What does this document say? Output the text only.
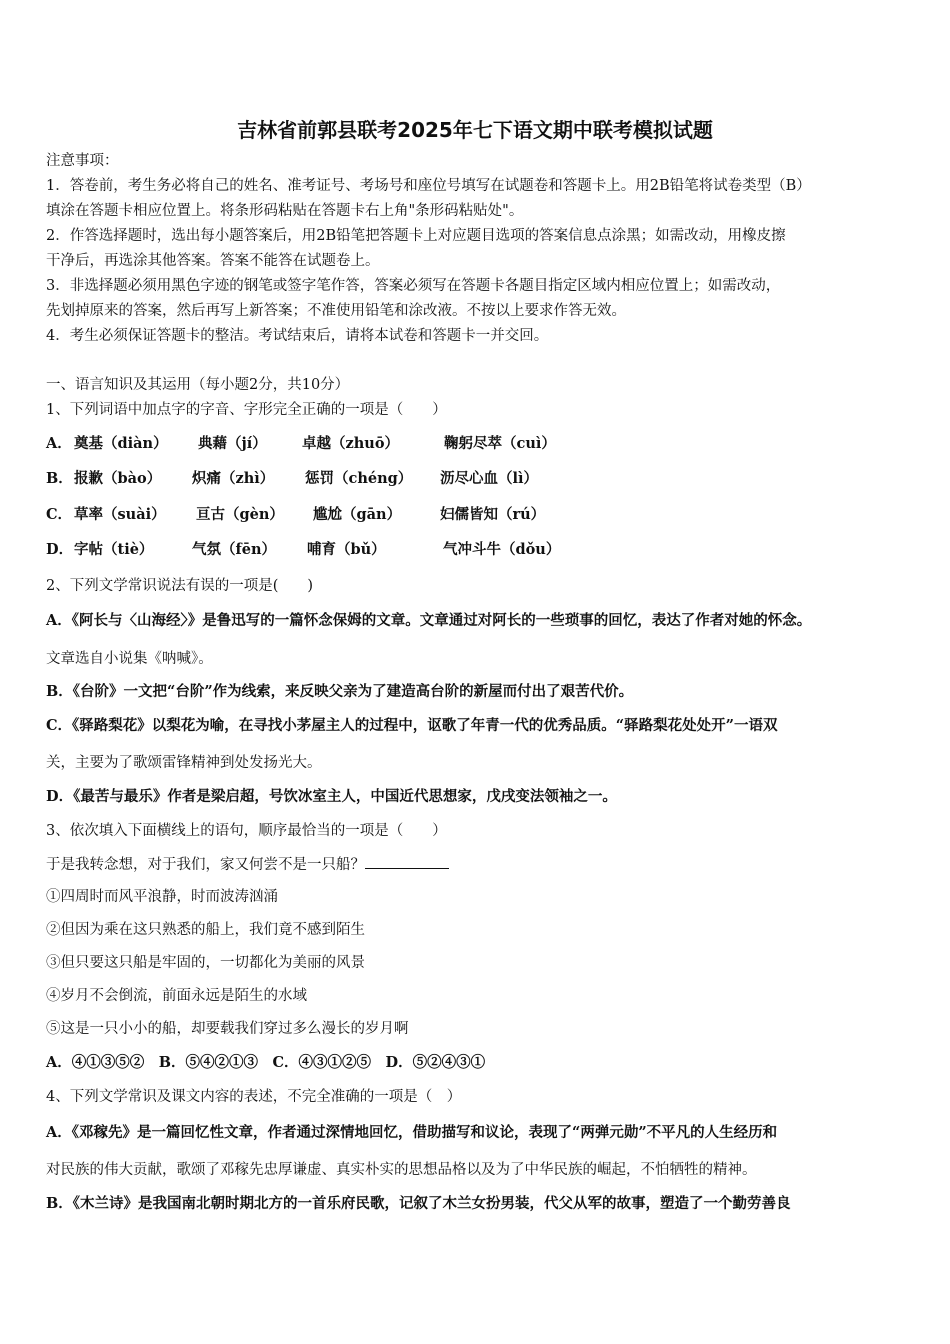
吉林省前郭县联考2025年七下语文期中联考模拟试题
注意事项：
1．答卷前，考生务必将自己的姓名、准考证号、考场号和座位号填写在试题卷和答题卡上。用2B铅笔将试卷类型（B）
填涂在答题卡相应位置上。将条形码粘贴在答题卡右上角"条形码粘贴处"。
2．作答选择题时，选出每小题答案后，用2B铅笔把答题卡上对应题目选项的答案信息点涂黑；如需改动，用橡皮擦
干净后，再选涂其他答案。答案不能答在试题卷上。
3．非选择题必须用黑色字迹的钢笔或签字笔作答，答案必须写在答题卡各题目指定区域内相应位置上；如需改动，
先划掉原来的答案，然后再写上新答案；不准使用铅笔和涂改液。不按以上要求作答无效。
4．考生必须保证答题卡的整洁。考试结束后，请将本试卷和答题卡一并交回。
一、语言知识及其运用（每小题2分，共10分）
1、下列词语中加点字的字音、字形完全正确的一项是（　　）
A． 奠基（diàn） 典藉（jí） 卓越（zhuō）	鞠躬尽萃（cuì）
B． 报歉（bào） 炽痛（zhì） 惩罚（chéng） 沥尽心血（lì）
C． 草率（suài） 亘古（gèn） 尴尬（gān）	妇儒皆知（rú）
D． 字帖（tiè）	气氛（fēn） 哺育（bǔ）	气冲斗牛（dǒu）
2、下列文学常识说法有误的一项是(　　)
A．《阿长与〈山海经〉》是鲁迅写的一篇怀念保姆的文章。文章通过对阿长的一些琐事的回忆，表达了作者对她的怀念。
文章选自小说集《呐喊》。
B．《台阶》一文把“台阶”作为线索，来反映父亲为了建造高台阶的新屋而付出了艰苦代价。
C．《驿路梨花》以梨花为喻，在寻找小茅屋主人的过程中，讴歌了年青一代的优秀品质。“驿路梨花处处开”一语双
关，主要为了歌颂雷锋精神到处发扬光大。
D．《最苦与最乐》作者是梁启超，号饮冰室主人，中国近代思想家，戊戌变法领袖之一。
3、依次填入下面横线上的语句，顺序最恰当的一项是（　　）
于是我转念想，对于我们，家又何尝不是一只船？
①四周时而风平浪静，时而波涛汹涌
②但因为乘在这只熟悉的船上，我们竟不感到陌生
③但只要这只船是牢固的，一切都化为美丽的风景
④岁月不会倒流，前面永远是陌生的水域
⑤这是一只小小的船，却要载我们穿过多么漫长的岁月啊
A．④①③⑤②　B．⑤④②①③　C．④③①②⑤　D．⑤②④③①
4、下列文学常识及课文内容的表述，不完全准确的一项是（　）
A．《邓稼先》是一篇回忆性文章，作者通过深情地回忆，借助描写和议论，表现了“两弹元勋”不平凡的人生经历和
对民族的伟大贡献，歌颂了邓稼先忠厚谦虚、真实朴实的思想品格以及为了中华民族的崛起，不怕牺牲的精神。
B．《木兰诗》是我国南北朝时期北方的一首乐府民歌，记叙了木兰女扮男装，代父从军的故事，塑造了一个勤劳善良
